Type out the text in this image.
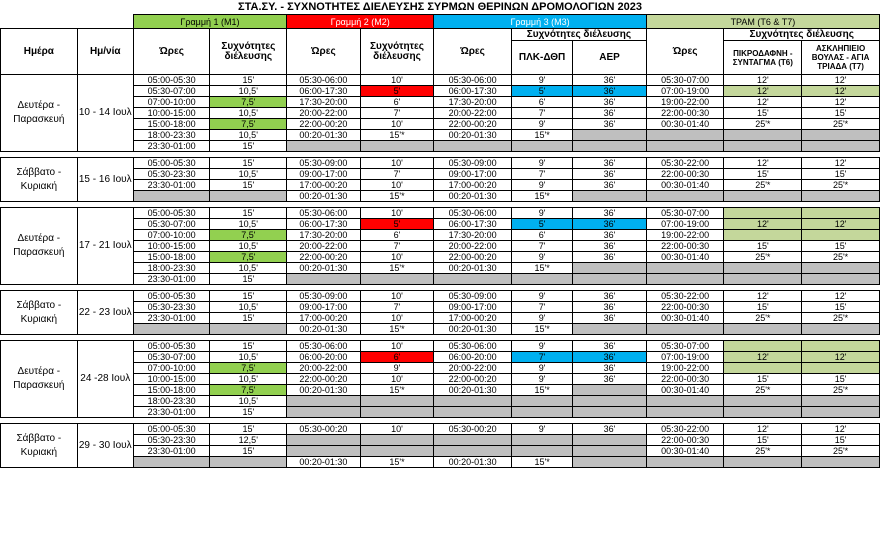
ΣΤΑ.ΣΥ. - ΣΥΧΝΟΤΗΤΕΣ ΔΙΕΛΕΥΣΗΣ ΣΥΡΜΩΝ ΘΕΡΙΝΩΝ ΔΡΟΜΟΛΟΓΙΩΝ 2023											
		Γραμμή 1 (Μ1)		Γραμμή 2 (Μ2)		Γραμμή 3 (Μ3)			ΤΡΑΜ (Τ6 & Τ7)		
Ημέρα	Ημ/νία	Ώρες	Συχνότητες διέλευσης	Ώρες	Συχνότητες διέλευσης	Ώρες	Συχνότητες διέλευσης		Ώρες	Συχνότητες διέλευσης	
							ΠΛΚ-ΔΘΠ	ΑΕΡ		ΠΙΚΡΟΔΑΦΝΗ - ΣΥΝΤΑΓΜΑ (Τ6)	ΑΣΚΛΗΠΙΕΙΟ ΒΟΥΛΑΣ - ΑΓΙΑ ΤΡΙΑΔΑ (Τ7)
Δευτέρα - Παρασκευή	10 - 14 Ιουλ	05:00-05:30	15'	05:30-06:00	10'	05:30-06:00	9'	36'	05:30-07:00	12'	12'
		05:30-07:00	10,5'	06:00-17:30	5'	06:00-17:30	5'	36'	07:00-19:00	12'	12'
		07:00-10:00	7,5'	17:30-20:00	6'	17:30-20:00	6'	36'	19:00-22:00	12'	12'
		10:00-15:00	10,5'	20:00-22:00	7'	20:00-22:00	7'	36'	22:00-00:30	15'	15'
		15:00-18:00	7,5'	22:00-00:20	10'	22:00-00:20	9'	36'	00:30-01:40	25'*	25'*
		18:00-23:30	10,5'	00:20-01:30	15'*	00:20-01:30	15'*				
		23:30-01:00	15'								

Σάββατο - Κυριακή	15 - 16 Ιουλ	05:00-05:30	15'	05:30-09:00	10'	05:30-09:00	9'	36'	05:30-22:00	12'	12'
		05:30-23:30	10,5'	09:00-17:00	7'	09:00-17:00	7'	36'	22:00-00:30	15'	15'
		23:30-01:00	15'	17:00-00:20	10'	17:00-00:20	9'	36'	00:30-01:40	25'*	25'*
				00:20-01:30	15'*	00:20-01:30	15'*				

Δευτέρα - Παρασκευή	17 - 21 Ιουλ	05:00-05:30	15'	05:30-06:00	10'	05:30-06:00	9'	36'	05:30-07:00		
		05:30-07:00	10,5'	06:00-17:30	5'	06:00-17:30	5'	36'	07:00-19:00	12'	12'
		07:00-10:00	7,5'	17:30-20:00	6'	17:30-20:00	6'	36'	19:00-22:00		
		10:00-15:00	10,5'	20:00-22:00	7'	20:00-22:00	7'	36'	22:00-00:30	15'	15'
		15:00-18:00	7,5'	22:00-00:20	10'	22:00-00:20	9'	36'	00:30-01:40	25'*	25'*
		18:00-23:30	10,5'	00:20-01:30	15'*	00:20-01:30	15'*				
		23:30-01:00	15'								

Σάββατο - Κυριακή	22 - 23 Ιουλ	05:00-05:30	15'	05:30-09:00	10'	05:30-09:00	9'	36'	05:30-22:00	12'	12'
		05:30-23:30	10,5'	09:00-17:00	7'	09:00-17:00	7'	36'	22:00-00:30	15'	15'
		23:30-01:00	15'	17:00-00:20	10'	17:00-00:20	9'	36'	00:30-01:40	25'*	25'*
				00:20-01:30	15'*	00:20-01:30	15'*				

Δευτέρα - Παρασκευή	24 -28 Ιουλ	05:00-05:30	15'	05:30-06:00	10'	05:30-06:00	9'	36'	05:30-07:00		
		05:30-07:00	10,5'	06:00-20:00	6'	06:00-20:00	7'	36'	07:00-19:00	12'	12'
		07:00-10:00	7,5'	20:00-22:00	9'	20:00-22:00	9'	36'	19:00-22:00		
		10:00-15:00	10,5'	22:00-00:20	10'	22:00-00:20	9'	36'	22:00-00:30	15'	15'
		15:00-18:00	7,5'	00:20-01:30	15'*	00:20-01:30	15'*		00:30-01:40	25'*	25'*
		18:00-23:30	10,5'								
		23:30-01:00	15'								

Σάββατο - Κυριακή	29 - 30 Ιουλ	05:00-05:30	15'	05:30-00:20	10'	05:30-00:20	9'	36'	05:30-22:00	12'	12'
		05:30-23:30	12,5'						22:00-00:30	15'	15'
		23:30-01:00	15'						00:30-01:40	25'*	25'*
				00:20-01:30	15'*	00:20-01:30	15'*				
